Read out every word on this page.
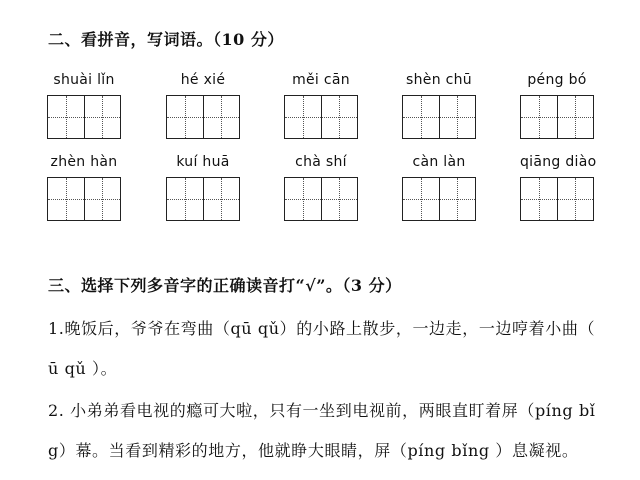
二、看拼音，写词语。（10 分）
shuài lǐn	hé xié	měi cān	shèn chū	péng bó
zhèn hàn	kuí huā	chà shí	càn làn	qiāng diào
三、选择下列多音字的正确读音打“√”。（3 分）
1.晚饭后，爷爷在弯曲（qū qǔ）的小路上散步，一边走，一边哼着小曲（
ū qǔ ）。
2. 小弟弟看电视的瘾可大啦，只有一坐到电视前，两眼直盯着屏（píng bǐ
g）幕。当看到精彩的地方，他就睁大眼睛，屏（píng bǐng ）息凝视。
